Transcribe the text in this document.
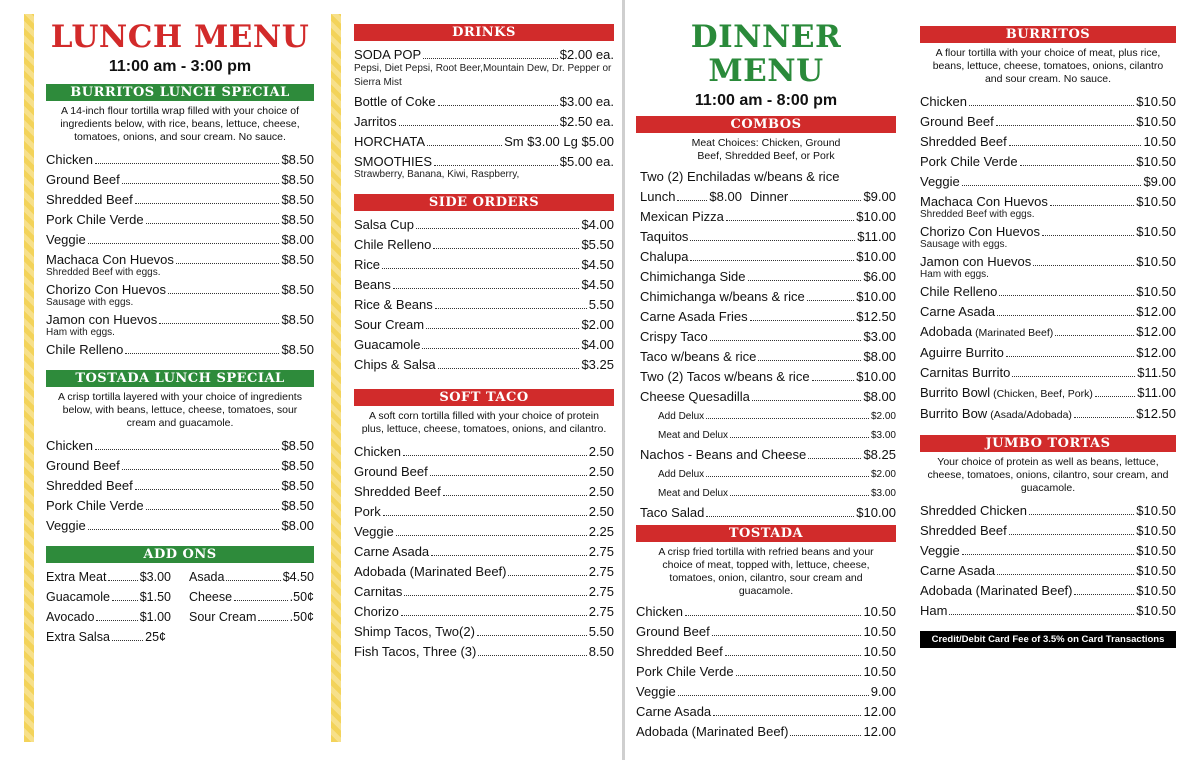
LUNCH MENU
11:00 am - 3:00 pm
BURRITOS LUNCH SPECIAL
A 14-inch flour tortilla wrap filled with your choice of ingredients below, with rice, beans, lettuce, cheese, tomatoes, onions, and sour cream. No sauce.
Chicken	$8.50
Ground Beef	$8.50
Shredded Beef	$8.50
Pork Chile Verde	$8.50
Veggie	$8.00
Machaca Con Huevos	$8.50
Shredded Beef with eggs.
Chorizo Con Huevos	$8.50
Sausage with eggs.
Jamon con Huevos	$8.50
Ham with eggs.
Chile Relleno	$8.50
TOSTADA LUNCH SPECIAL
A crisp tortilla layered with your choice of ingredients below, with beans, lettuce, cheese, tomatoes, sour cream and guacamole.
Chicken	$8.50
Ground Beef	$8.50
Shredded Beef	$8.50
Pork Chile Verde	$8.50
Veggie	$8.00
ADD ONS
Extra Meat	$3.00 Asada	$4.50
Guacamole $1.50 Cheese	.50¢
Avocado	$1.00 Sour Cream	.50¢
Extra Salsa	25¢
DRINKS
SODA POP	$2.00 ea.
Pepsi, Diet Pepsi, Root Beer,Mountain Dew, Dr. Pepper or Sierra Mist
Bottle of Coke	$3.00 ea.
Jarritos	$2.50 ea.
HORCHATA	Sm $3.00 Lg $5.00
SMOOTHIES	$5.00 ea.
Strawberry, Banana, Kiwi, Raspberry,
SIDE ORDERS
Salsa Cup	$4.00
Chile Relleno	$5.50
Rice	$4.50
Beans	$4.50
Rice & Beans	5.50
Sour Cream	$2.00
Guacamole	$4.00
Chips & Salsa	$3.25
SOFT TACO
A soft corn tortilla filled with your choice of protein plus, lettuce, cheese, tomatoes, onions, and cilantro.
Chicken	2.50
Ground Beef	2.50
Shredded Beef	2.50
Pork	2.50
Veggie	2.25
Carne Asada	2.75
Adobada (Marinated Beef)	2.75
Carnitas	2.75
Chorizo	2.75
Shimp Tacos, Two(2)	5.50
Fish Tacos, Three (3)	8.50
DINNER MENU
11:00 am - 8:00 pm
COMBOS
Meat Choices: Chicken, Ground Beef, Shredded Beef, or Pork
Two (2) Enchiladas w/beans & rice
Lunch	$8.00 Dinner	$9.00
Mexican Pizza	$10.00
Taquitos	$11.00
Chalupa	$10.00
Chimichanga Side	$6.00
Chimichanga w/beans & rice	$10.00
Carne Asada Fries	$12.50
Crispy Taco	$3.00
Taco w/beans & rice	$8.00
Two (2) Tacos w/beans & rice	$10.00
Cheese Quesadilla	$8.00
Add Delux	$2.00
Meat and Delux	$3.00
Nachos - Beans and Cheese	$8.25
Add Delux	$2.00
Meat and Delux	$3.00
Taco Salad	$10.00
TOSTADA
A crisp fried tortilla with refried beans and your choice of meat, topped with, lettuce, cheese, tomatoes, onion, cilantro, sour cream and guacamole.
Chicken	10.50
Ground Beef	10.50
Shredded Beef	10.50
Pork Chile Verde	10.50
Veggie	9.00
Carne Asada	12.00
Adobada (Marinated Beef)	12.00
BURRITOS
A flour tortilla with your choice of meat, plus rice, beans, lettuce, cheese, tomatoes, onions, cilantro and sour cream. No sauce.
Chicken	$10.50
Ground Beef	$10.50
Shredded Beef	10.50
Pork Chile Verde	$10.50
Veggie	$9.00
Machaca Con Huevos	$10.50
Shredded Beef with eggs.
Chorizo Con Huevos	$10.50
Sausage with eggs.
Jamon con Huevos	$10.50
Ham with eggs.
Chile Relleno	$10.50
Carne Asada	$12.00
Adobada (Marinated Beef)	$12.00
Aguirre Burrito	$12.00
Carnitas Burrito	$11.50
Burrito Bowl (Chicken, Beef, Pork)	$11.00
Burrito Bow (Asada/Adobada)	$12.50
JUMBO TORTAS
Your choice of protein as well as beans, lettuce, cheese, tomatoes, onions, cilantro, sour cream, and guacamole.
Shredded Chicken	$10.50
Shredded Beef	$10.50
Veggie	$10.50
Carne Asada	$10.50
Adobada (Marinated Beef)	$10.50
Ham	$10.50
Credit/Debit Card Fee of 3.5% on Card Transactions
